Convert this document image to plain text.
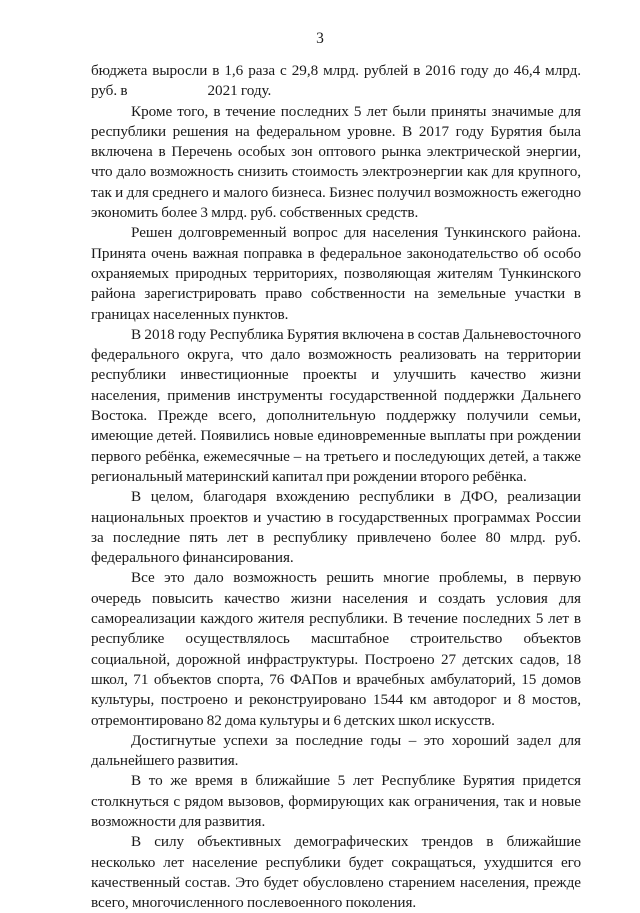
3

бюджета выросли в 1,6 раза с 29,8 млрд. рублей в 2016 году до 46,4 млрд. руб. в	2021 году.

Кроме того, в течение последних 5 лет были приняты значимые для республики решения на федеральном уровне. В 2017 году Бурятия была включена в Перечень особых зон оптового рынка электрической энергии, что дало возможность снизить стоимость электроэнергии как для крупного, так и для среднего и малого бизнеса. Бизнес получил возможность ежегодно экономить более 3 млрд. руб. собственных средств.

Решен долговременный вопрос для населения Тункинского района. Принята очень важная поправка в федеральное законодательство об особо охраняемых природных территориях, позволяющая жителям Тункинского района зарегистрировать право собственности на земельные участки в границах населенных пунктов.

В 2018 году Республика Бурятия включена в состав Дальневосточного федерального округа, что дало возможность реализовать на территории республики инвестиционные проекты и улучшить качество жизни населения, применив инструменты государственной поддержки Дальнего Востока. Прежде всего, дополнительную поддержку получили семьи, имеющие детей. Появились новые единовременные выплаты при рождении первого ребёнка, ежемесячные – на третьего и последующих детей, а также региональный материнский капитал при рождении второго ребёнка.

В целом, благодаря вхождению республики в ДФО, реализации национальных проектов и участию в государственных программах России за последние пять лет в республику привлечено более 80 млрд. руб. федерального финансирования.

Все это дало возможность решить многие проблемы, в первую очередь повысить качество жизни населения и создать условия для самореализации каждого жителя республики. В течение последних 5 лет в республике осуществлялось масштабное строительство объектов социальной, дорожной инфраструктуры. Построено 27 детских садов, 18 школ, 71 объектов спорта, 76 ФАПов и врачебных амбулаторий, 15 домов культуры, построено и реконструировано 1544 км автодорог и 8 мостов, отремонтировано 82 дома культуры и 6 детских школ искусств.

Достигнутые успехи за последние годы – это хороший задел для дальнейшего развития.

В то же время в ближайшие 5 лет Республике Бурятия придется столкнуться с рядом вызовов, формирующих как ограничения, так и новые возможности для развития.

В силу объективных демографических трендов в ближайшие несколько лет население республики будет сокращаться, ухудшится его качественный состав. Это будет обусловлено старением населения, прежде всего, многочисленного послевоенного поколения.
